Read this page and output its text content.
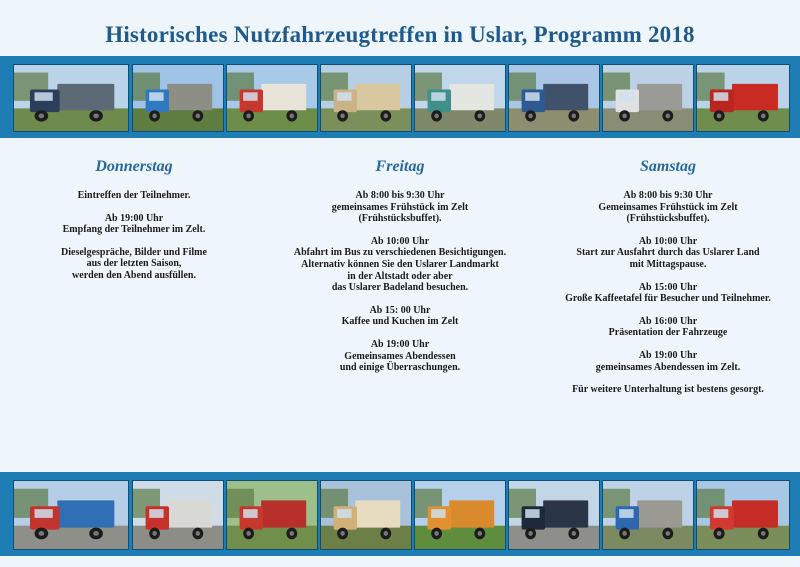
Historisches Nutzfahrzeugtreffen in Uslar, Programm 2018
Donnerstag
Eintreffen der Teilnehmer.
Ab 19:00 Uhr
Empfang der Teilnehmer im Zelt.
Dieselgespräche, Bilder und Filme
aus der letzten Saison,
werden den Abend ausfüllen.
Freitag
Ab 8:00 bis 9:30 Uhr
gemeinsames Frühstück im Zelt
(Frühstücksbuffet).
Ab 10:00 Uhr
Abfahrt im Bus zu verschiedenen Besichtigungen.
Alternativ können Sie den Uslarer Landmarkt
in der Altstadt oder aber
das Uslarer Badeland besuchen.
Ab 15: 00 Uhr
Kaffee und Kuchen im Zelt
Ab 19:00 Uhr
Gemeinsames Abendessen
und einige Überraschungen.
Samstag
Ab 8:00 bis 9:30 Uhr
Gemeinsames Frühstück im Zelt
(Frühstücksbuffet).
Ab 10:00 Uhr
Start zur Ausfahrt durch das Uslarer Land
mit Mittagspause.
Ab 15:00 Uhr
Große Kaffeetafel für Besucher und Teilnehmer.
Ab 16:00 Uhr
Präsentation der Fahrzeuge
Ab 19:00 Uhr
gemeinsames Abendessen im Zelt.
Für weitere Unterhaltung ist bestens gesorgt.
